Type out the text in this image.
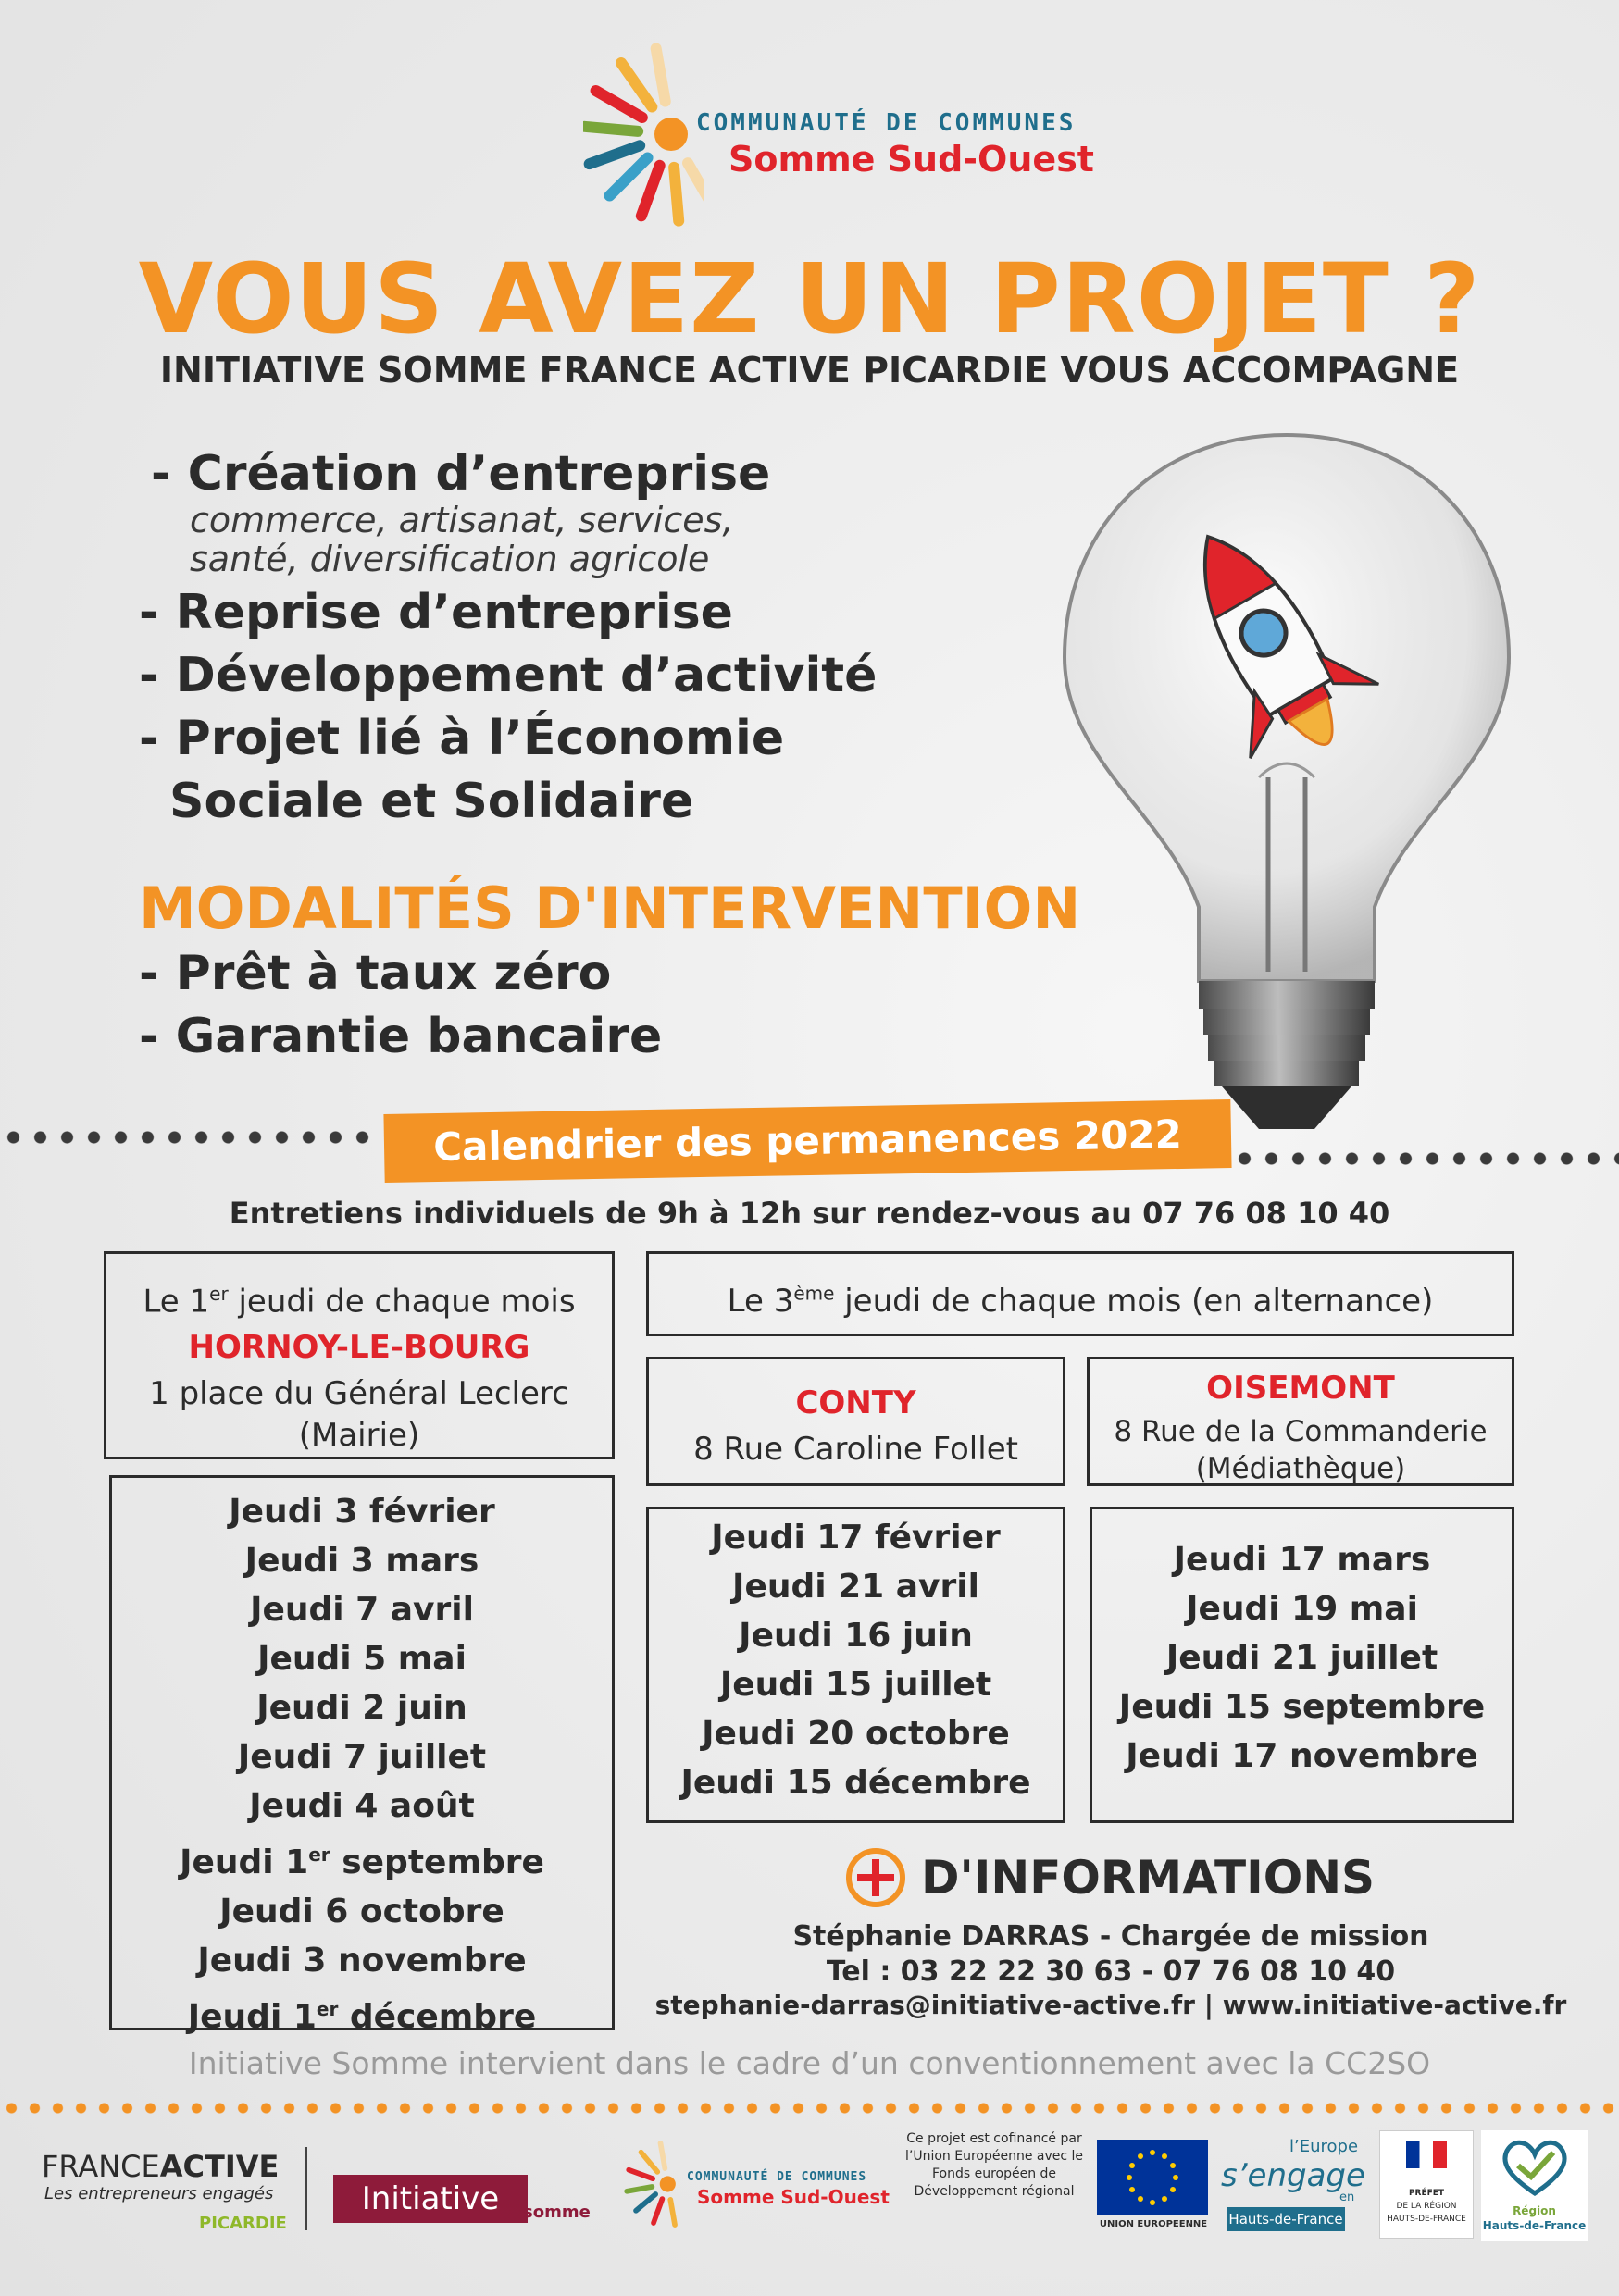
COMMUNAUTÉ DE COMMUNES
Somme Sud-Ouest
VOUS AVEZ UN PROJET ?
INITIATIVE SOMME FRANCE ACTIVE PICARDIE VOUS ACCOMPAGNE
- Création d’entreprise
commerce, artisanat, services,
santé, diversification agricole
- Reprise d’entreprise
- Développement d’activité
- Projet lié à l’Économie
Sociale et Solidaire
MODALITÉS D'INTERVENTION
- Prêt à taux zéro
- Garantie bancaire
Calendrier des permanences 2022
Entretiens individuels de 9h à 12h sur rendez-vous au 07 76 08 10 40
Le 1er jeudi de chaque mois
HORNOY-LE-BOURG
1 place du Général Leclerc
(Mairie)
Jeudi 3 février
Jeudi 3 mars
Jeudi 7 avril
Jeudi 5 mai
Jeudi 2 juin
Jeudi 7 juillet
Jeudi 4 août
Jeudi 1er septembre
Jeudi 6 octobre
Jeudi 3 novembre
Jeudi 1er décembre
Le 3ème jeudi de chaque mois (en alternance)
CONTY
8 Rue Caroline Follet
OISEMONT
8 Rue de la Commanderie
(Médiathèque)
Jeudi 17 février
Jeudi 21 avril
Jeudi 16 juin
Jeudi 15 juillet
Jeudi 20 octobre
Jeudi 15 décembre
Jeudi 17 mars
Jeudi 19 mai
Jeudi 21 juillet
Jeudi 15 septembre
Jeudi 17 novembre
D'INFORMATIONS
Stéphanie DARRAS - Chargée de mission
Tel : 03 22 22 30 63 - 07 76 08 10 40
stephanie-darras@initiative-active.fr | www.initiative-active.fr
Initiative Somme intervient dans le cadre d’un conventionnement avec la CC2SO
FRANCEACTIVE
Les entrepreneurs engagés
PICARDIE
Initiative	somme
COMMUNAUTÉ DE COMMUNES
Somme Sud-Ouest
Ce projet est cofinancé par l’Union Européenne avec le Fonds européen de Développement régional
UNION EUROPEENNE
l’Europe
s’engage
en
Hauts-de-France
PRÉFET
DE LA RÉGION
HAUTS-DE-FRANCE
Région
Hauts-de-France
